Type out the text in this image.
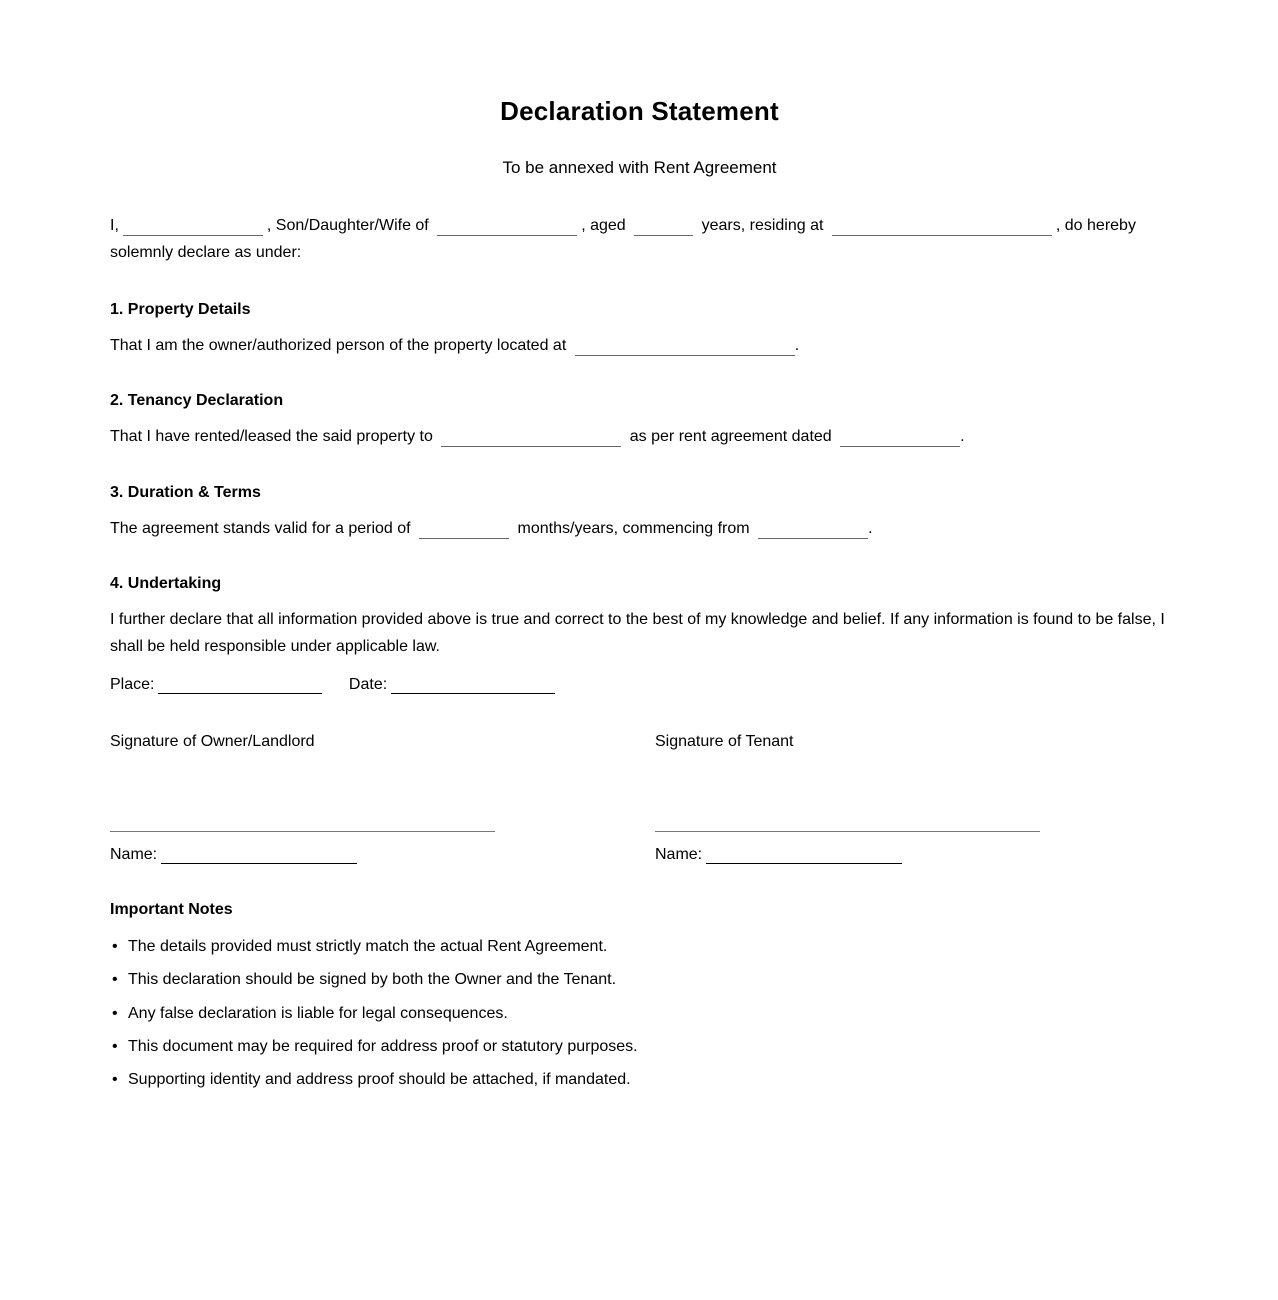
Declaration Statement
To be annexed with Rent Agreement
I,	, Son/Daughter/Wife of	, aged	years, residing at	, do hereby
solemnly declare as under:
1. Property Details
That I am the owner/authorized person of the property located at	.
2. Tenancy Declaration
That I have rented/leased the said property to	as per rent agreement dated	.
3. Duration & Terms
The agreement stands valid for a period of	months/years, commencing from	.
4. Undertaking
I further declare that all information provided above is true and correct to the best of my knowledge and belief. If any information is found to be false, I shall be held responsible under applicable law.
Place:	Date:
Signature of Owner/Landlord
Name:
Signature of Tenant
Name:
Important Notes
• The details provided must strictly match the actual Rent Agreement.
• This declaration should be signed by both the Owner and the Tenant.
• Any false declaration is liable for legal consequences.
• This document may be required for address proof or statutory purposes.
• Supporting identity and address proof should be attached, if mandated.
